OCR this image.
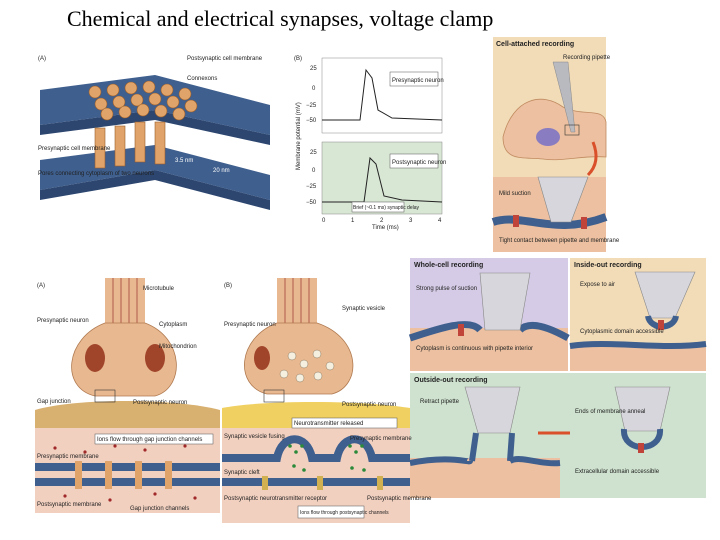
Chemical and electrical synapses, voltage clamp
(A)	Postsynaptic cell membrane
Connexons
Presynaptic cell membrane
Pores connecting cytoplasm of two neurons
3.5 nm
20 nm
(B)
Membrane potential (mV)
Presynaptic neuron
25
0
−25
−50
Postsynaptic neuron
Brief (~0.1 ms) synaptic delay
25
0
−25
−50
0	1	2	3	4
Time (ms)
Cell-attached recording
Recording pipette
Mild suction
Tight contact between pipette and membrane
Whole-cell recording
Strong pulse of suction
Cytoplasm is continuous with pipette interior
Inside-out recording
Expose to air
Cytoplasmic domain accessible
Outside-out recording
Retract pipette
Ends of membrane anneal
Extracellular domain accessible
(A)	Microtubule
Presynaptic neuron
Cytoplasm
Mitochondrion
Gap junction	Postsynaptic neuron
Ions flow through gap junction channels
Presynaptic membrane
Postsynaptic membrane
Gap junction channels
(B)
Presynaptic neuron
Synaptic vesicle
Postsynaptic neuron
Neurotransmitter released
Synaptic vesicle fusing
Synaptic cleft
Presynaptic membrane
Postsynaptic neurotransmitter receptor
Ions flow through postsynaptic channels
Postsynaptic membrane
